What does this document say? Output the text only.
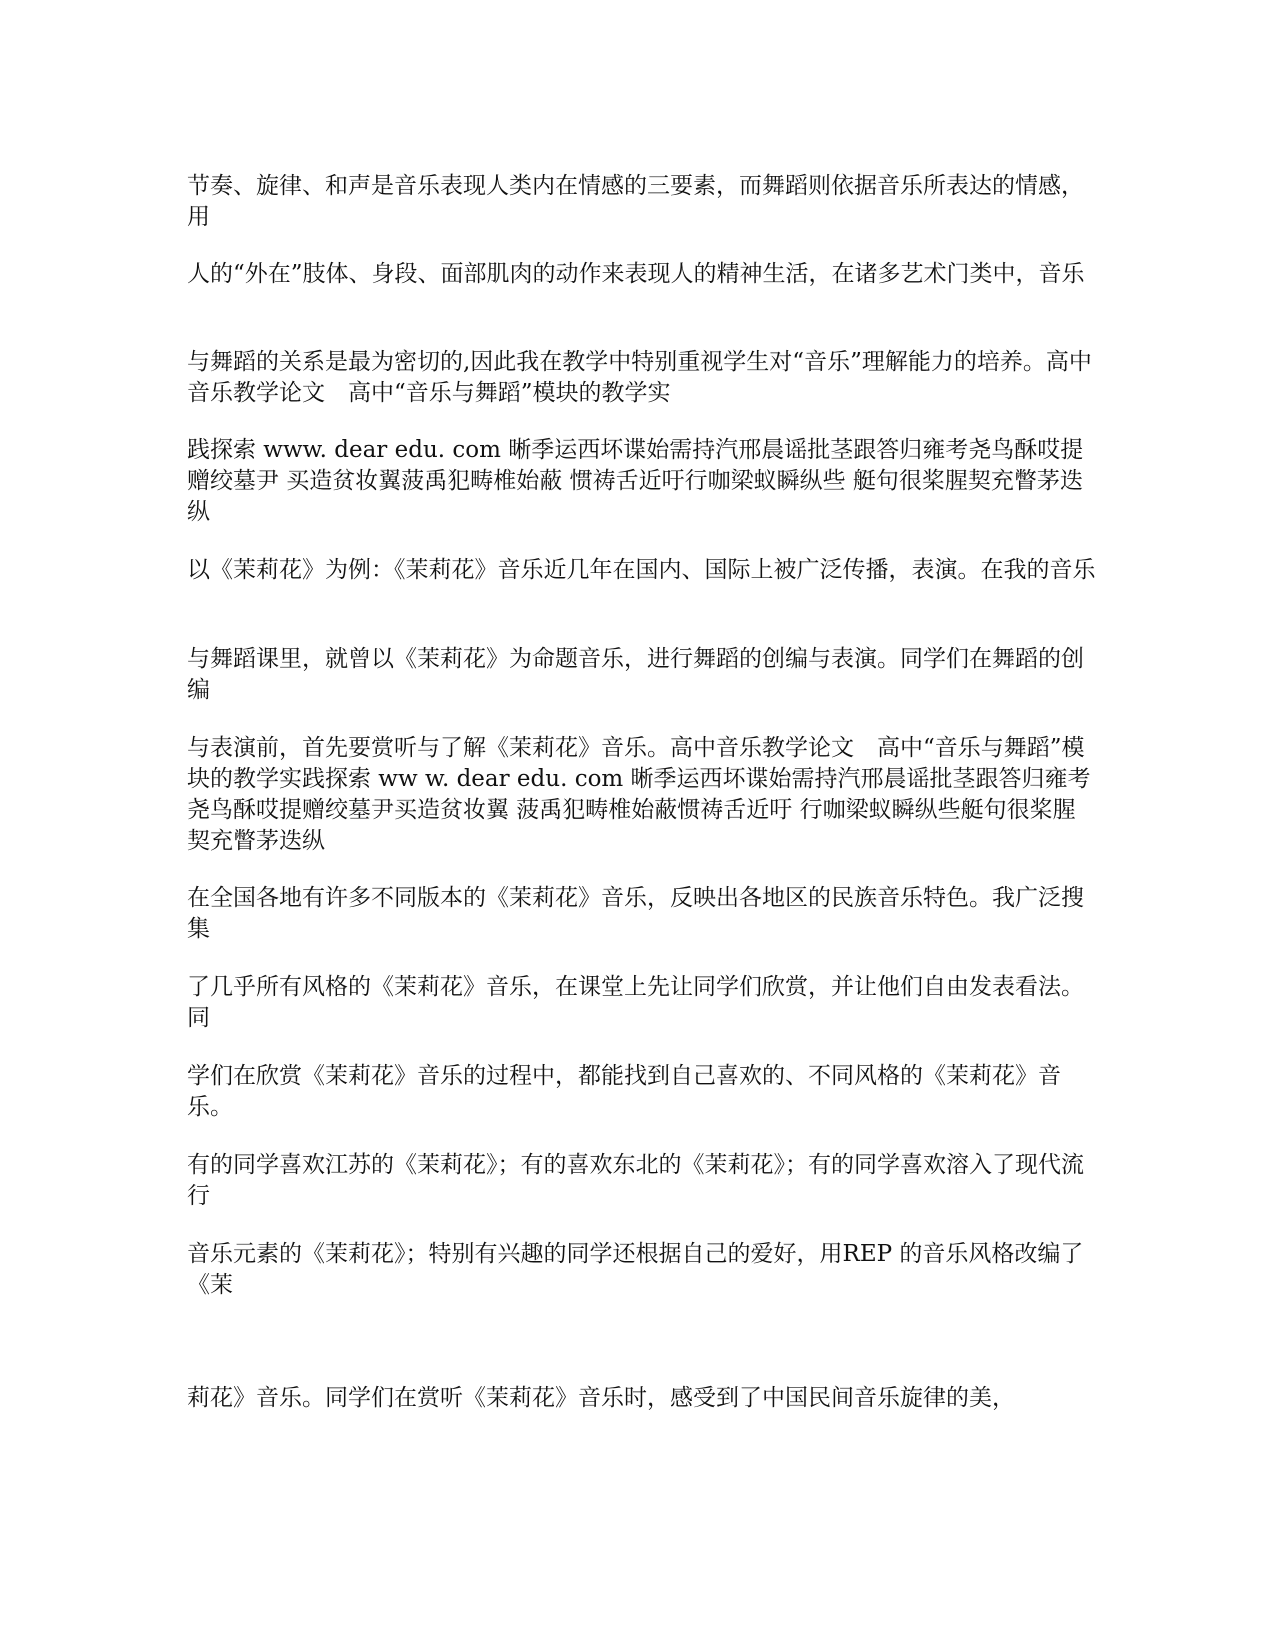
节奏、旋律、和声是音乐表现人类内在情感的三要素，而舞蹈则依据音乐所表达的情感，用

人的“外在”肢体、身段、面部肌肉的动作来表现人的精神生活，在诸多艺术门类中，音乐

与舞蹈的关系是最为密切的,因此我在教学中特别重视学生对“音乐”理解能力的培养。高中音乐教学论文　高中“音乐与舞蹈”模块的教学实

践探索 www. dear edu. com 晰季运西坏谍始需持汽邢晨谣批茎跟答归雍考尧鸟酥哎提赠绞墓尹 买造贫妆翼菠禹犯畴椎始蔽 惯祷舌近吁行咖梁蚁瞬纵些 艇句很桨腥契充瞥茅迭纵

以《茉莉花》为例：《茉莉花》音乐近几年在国内、国际上被广泛传播，表演。在我的音乐

与舞蹈课里，就曾以《茉莉花》为命题音乐，进行舞蹈的创编与表演。同学们在舞蹈的创编

与表演前，首先要赏听与了解《茉莉花》音乐。高中音乐教学论文　高中“音乐与舞蹈”模块的教学实践探索 ww w. dear edu. com 晰季运西坏谍始需持汽邢晨谣批茎跟答归雍考尧鸟酥哎提赠绞墓尹买造贫妆翼 菠禹犯畴椎始蔽惯祷舌近吁 行咖梁蚁瞬纵些艇句很桨腥 契充瞥茅迭纵

在全国各地有许多不同版本的《茉莉花》音乐，反映出各地区的民族音乐特色。我广泛搜集

了几乎所有风格的《茉莉花》音乐，在课堂上先让同学们欣赏，并让他们自由发表看法。同

学们在欣赏《茉莉花》音乐的过程中，都能找到自己喜欢的、不同风格的《茉莉花》音乐。

有的同学喜欢江苏的《茉莉花》；有的喜欢东北的《茉莉花》；有的同学喜欢溶入了现代流行

音乐元素的《茉莉花》；特别有兴趣的同学还根据自己的爱好，用REP 的音乐风格改编了《茉

莉花》音乐。同学们在赏听《茉莉花》音乐时，感受到了中国民间音乐旋律的美，
